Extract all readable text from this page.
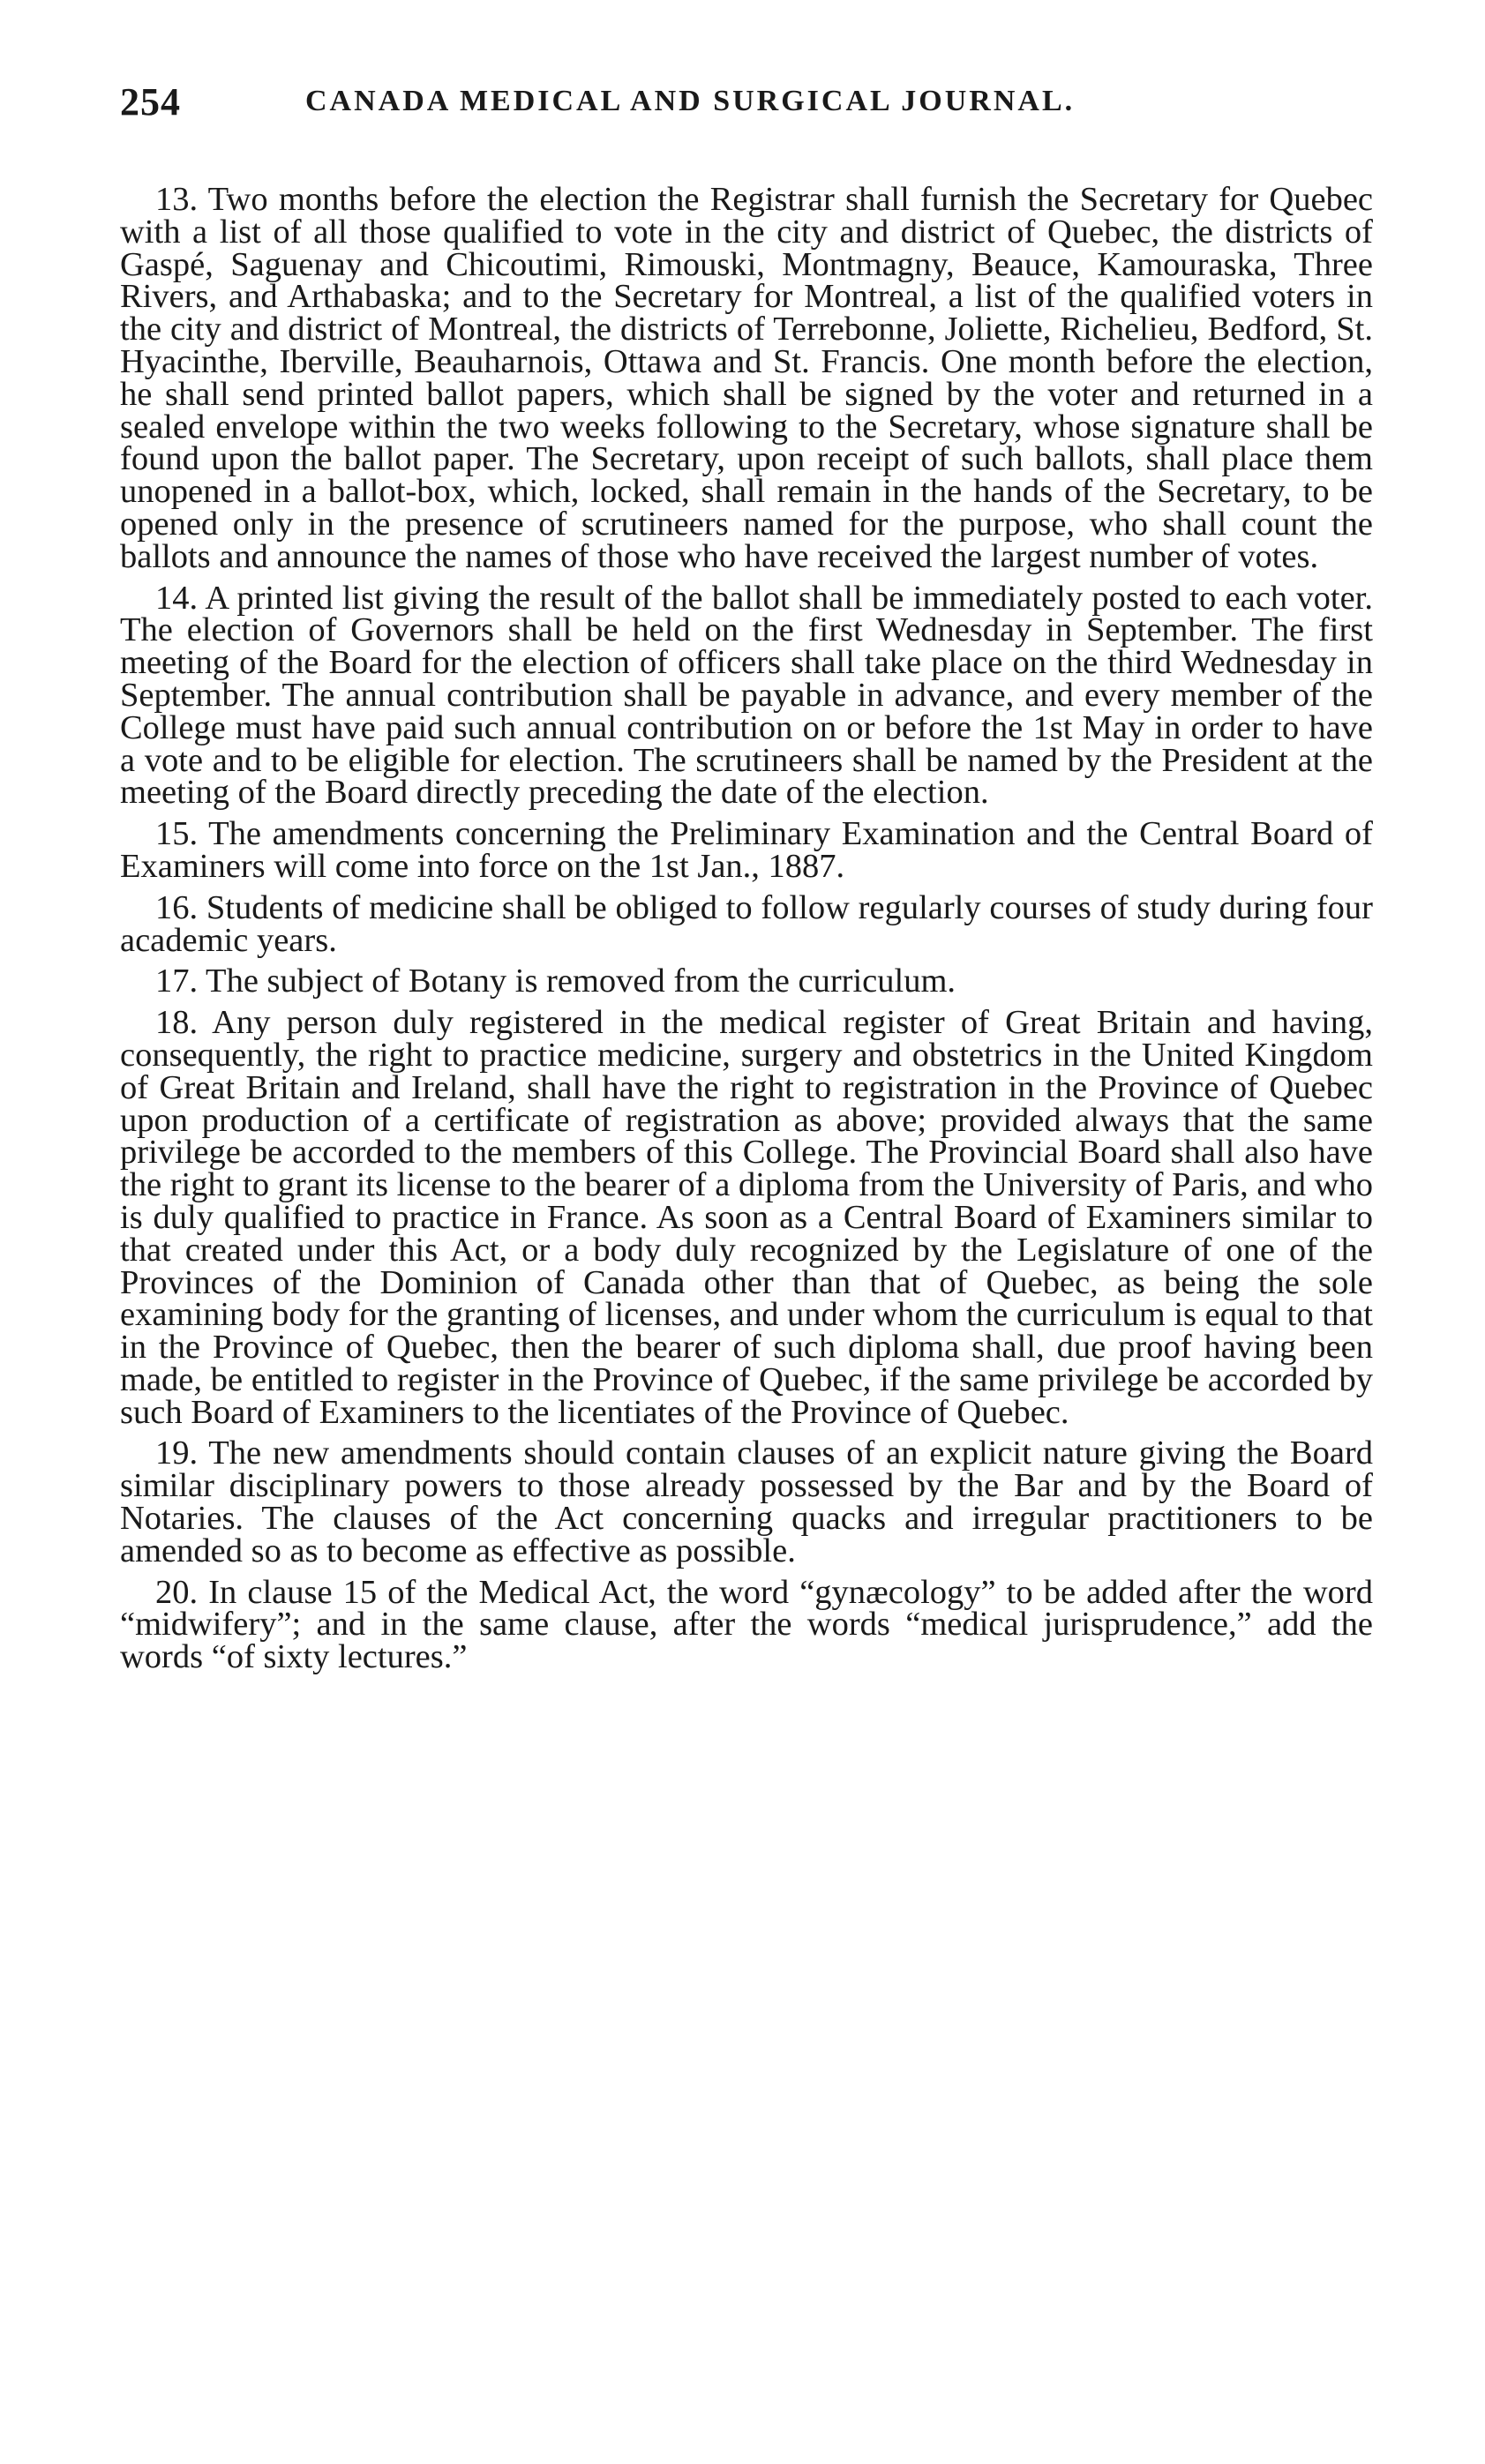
254	CANADA MEDICAL AND SURGICAL JOURNAL.

13. Two months before the election the Registrar shall furnish the Secretary for Quebec with a list of all those qualified to vote in the city and district of Quebec, the districts of Gaspé, Saguenay and Chicoutimi, Rimouski, Montmagny, Beauce, Kamouraska, Three Rivers, and Arthabaska; and to the Secretary for Montreal, a list of the qualified voters in the city and district of Montreal, the districts of Terrebonne, Joliette, Richelieu, Bedford, St. Hyacinthe, Iberville, Beauharnois, Ottawa and St. Francis. One month before the election, he shall send printed ballot papers, which shall be signed by the voter and returned in a sealed envelope within the two weeks following to the Secretary, whose signature shall be found upon the ballot paper. The Secretary, upon receipt of such ballots, shall place them unopened in a ballot-box, which, locked, shall remain in the hands of the Secretary, to be opened only in the presence of scrutineers named for the purpose, who shall count the ballots and announce the names of those who have received the largest number of votes.

14. A printed list giving the result of the ballot shall be immediately posted to each voter. The election of Governors shall be held on the first Wednesday in September. The first meeting of the Board for the election of officers shall take place on the third Wednesday in September. The annual contribution shall be payable in advance, and every member of the College must have paid such annual contribution on or before the 1st May in order to have a vote and to be eligible for election. The scrutineers shall be named by the President at the meeting of the Board directly preceding the date of the election.

15. The amendments concerning the Preliminary Examination and the Central Board of Examiners will come into force on the 1st Jan., 1887.

16. Students of medicine shall be obliged to follow regularly courses of study during four academic years.

17. The subject of Botany is removed from the curriculum.

18. Any person duly registered in the medical register of Great Britain and having, consequently, the right to practice medicine, surgery and obstetrics in the United Kingdom of Great Britain and Ireland, shall have the right to registration in the Province of Quebec upon production of a certificate of registration as above; provided always that the same privilege be accorded to the members of this College. The Provincial Board shall also have the right to grant its license to the bearer of a diploma from the University of Paris, and who is duly qualified to practice in France. As soon as a Central Board of Examiners similar to that created under this Act, or a body duly recognized by the Legislature of one of the Provinces of the Dominion of Canada other than that of Quebec, as being the sole examining body for the granting of licenses, and under whom the curriculum is equal to that in the Province of Quebec, then the bearer of such diploma shall, due proof having been made, be entitled to register in the Province of Quebec, if the same privilege be accorded by such Board of Examiners to the licentiates of the Province of Quebec.

19. The new amendments should contain clauses of an explicit nature giving the Board similar disciplinary powers to those already possessed by the Bar and by the Board of Notaries. The clauses of the Act concerning quacks and irregular practitioners to be amended so as to become as effective as possible.

20. In clause 15 of the Medical Act, the word “gynæcology” to be added after the word “midwifery”; and in the same clause, after the words “medical jurisprudence,” add the words “of sixty lectures.”
